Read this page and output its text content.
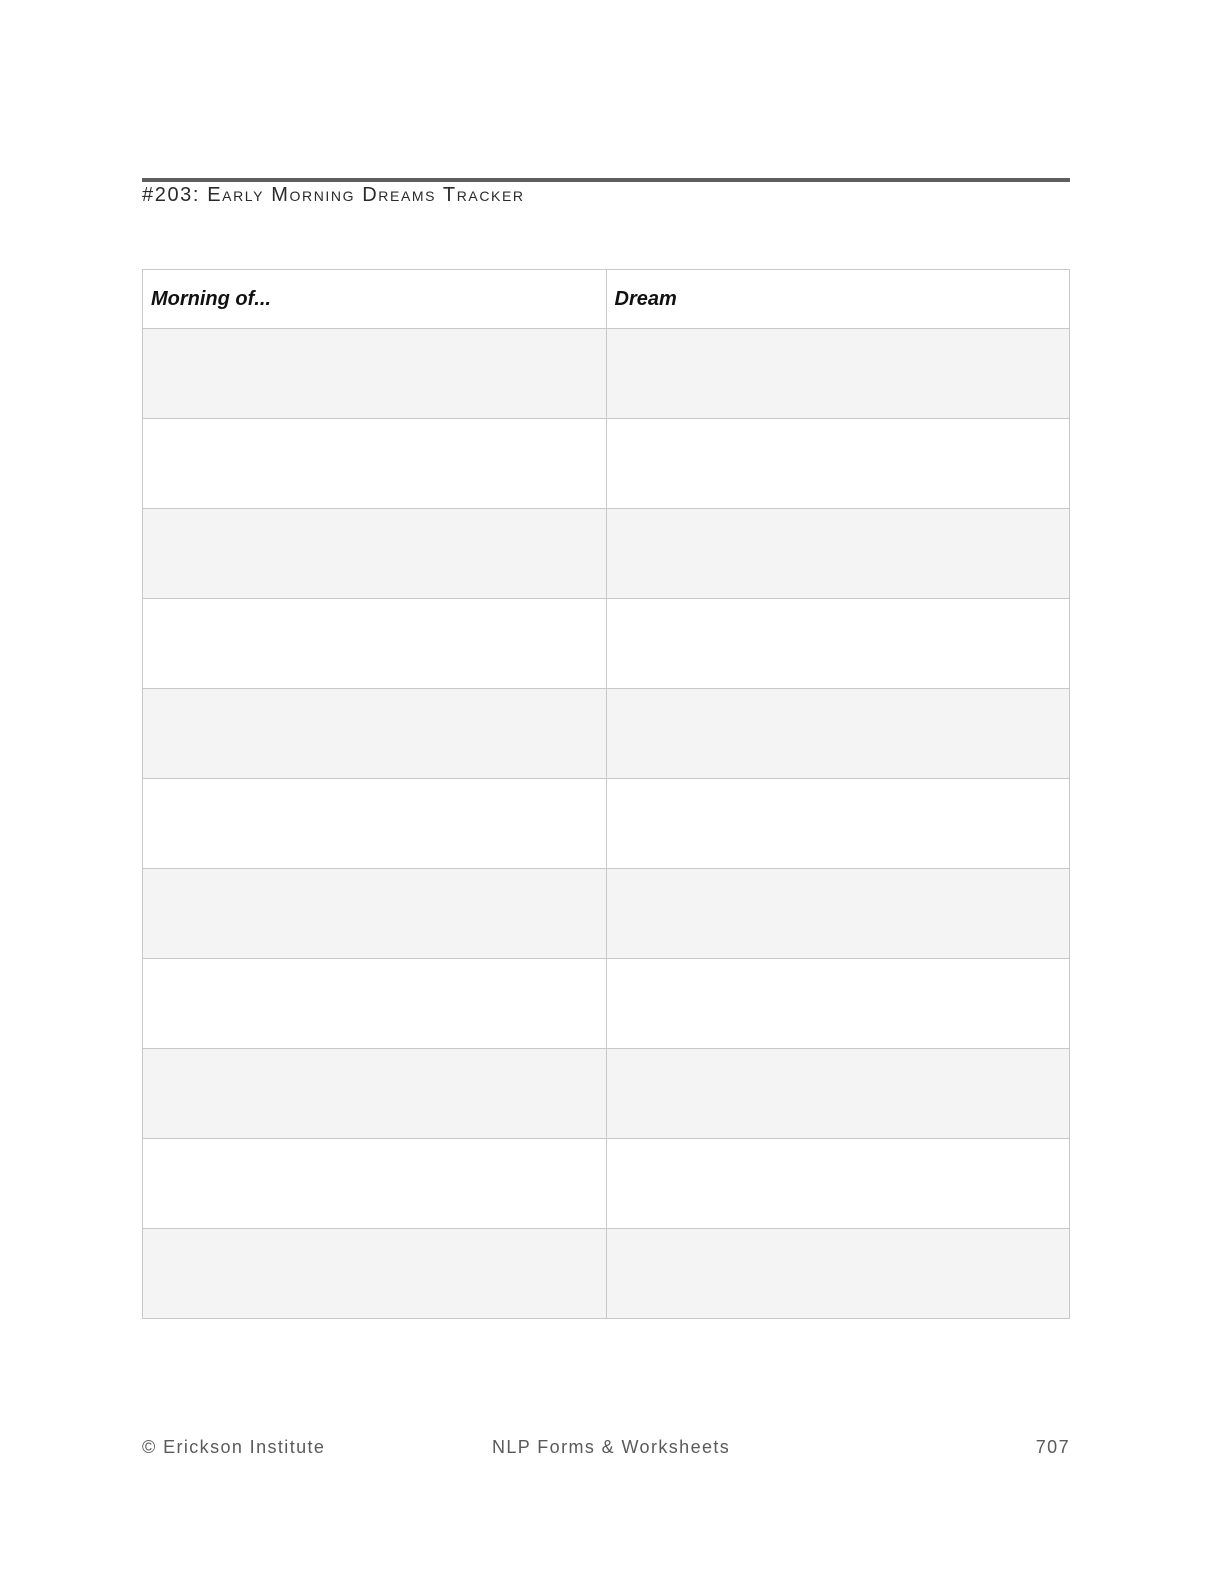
#203: Early Morning Dreams Tracker
Morning of...	Dream

© Erickson Institute	NLP Forms & Worksheets	707
